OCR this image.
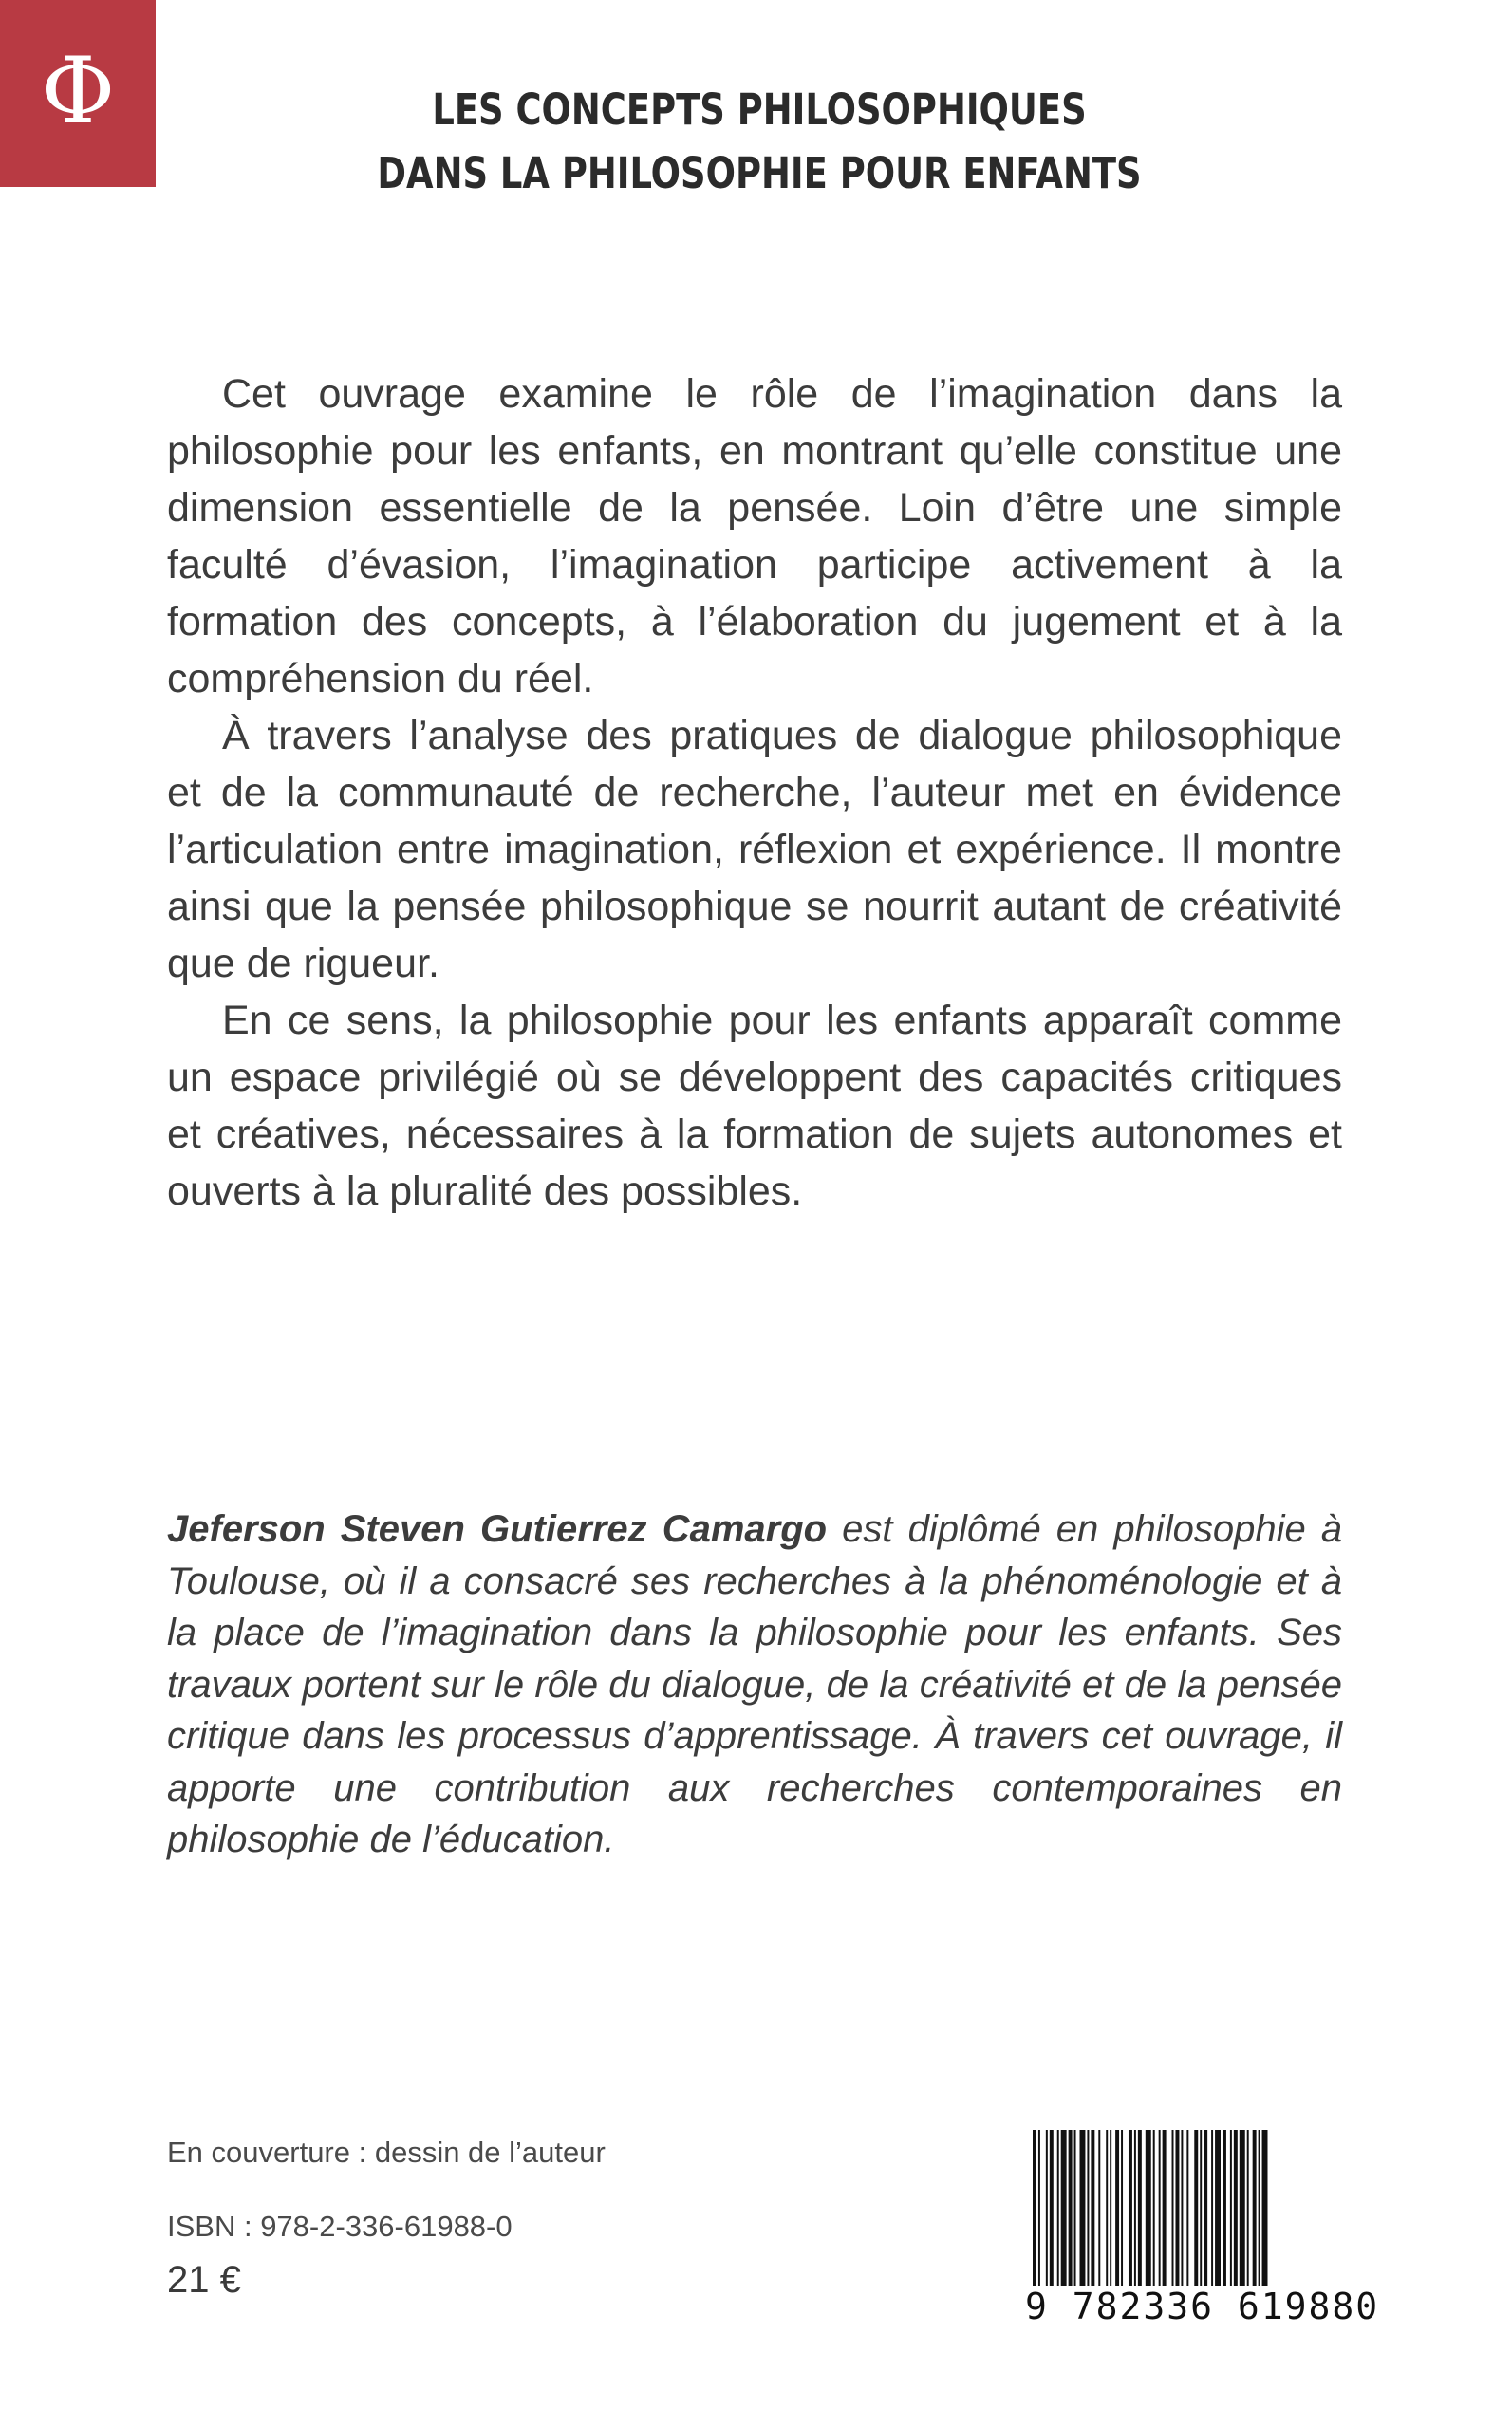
Φ	LES CONCEPTS PHILOSOPHIQUES
DANS LA PHILOSOPHIE POUR ENFANTS

Cet ouvrage examine le rôle de l’imagination dans la philosophie pour les enfants, en montrant qu’elle constitue une dimension essentielle de la pensée. Loin d’être une simple faculté d’évasion, l’imagination participe activement à la formation des concepts, à l’élaboration du jugement et à la compréhension du réel.

À travers l’analyse des pratiques de dialogue philosophique et de la communauté de recherche, l’auteur met en évidence l’articulation entre imagination, réflexion et expérience. Il montre ainsi que la pensée philosophique se nourrit autant de créativité que de rigueur.

En ce sens, la philosophie pour les enfants apparaît comme un espace privilégié où se développent des capacités critiques et créatives, nécessaires à la formation de sujets autonomes et ouverts à la pluralité des possibles.

Jeferson Steven Gutierrez Camargo est diplômé en philosophie à Toulouse, où il a consacré ses recherches à la phénoménologie et à la place de l’imagination dans la philosophie pour les enfants. Ses travaux portent sur le rôle du dialogue, de la créativité et de la pensée critique dans les processus d’apprentissage. À travers cet ouvrage, il apporte une contribution aux recherches contemporaines en philosophie de l’éducation.
En couverture : dessin de l’auteur
ISBN : 978-2-336-61988-0
21 €
9 782336 619880
